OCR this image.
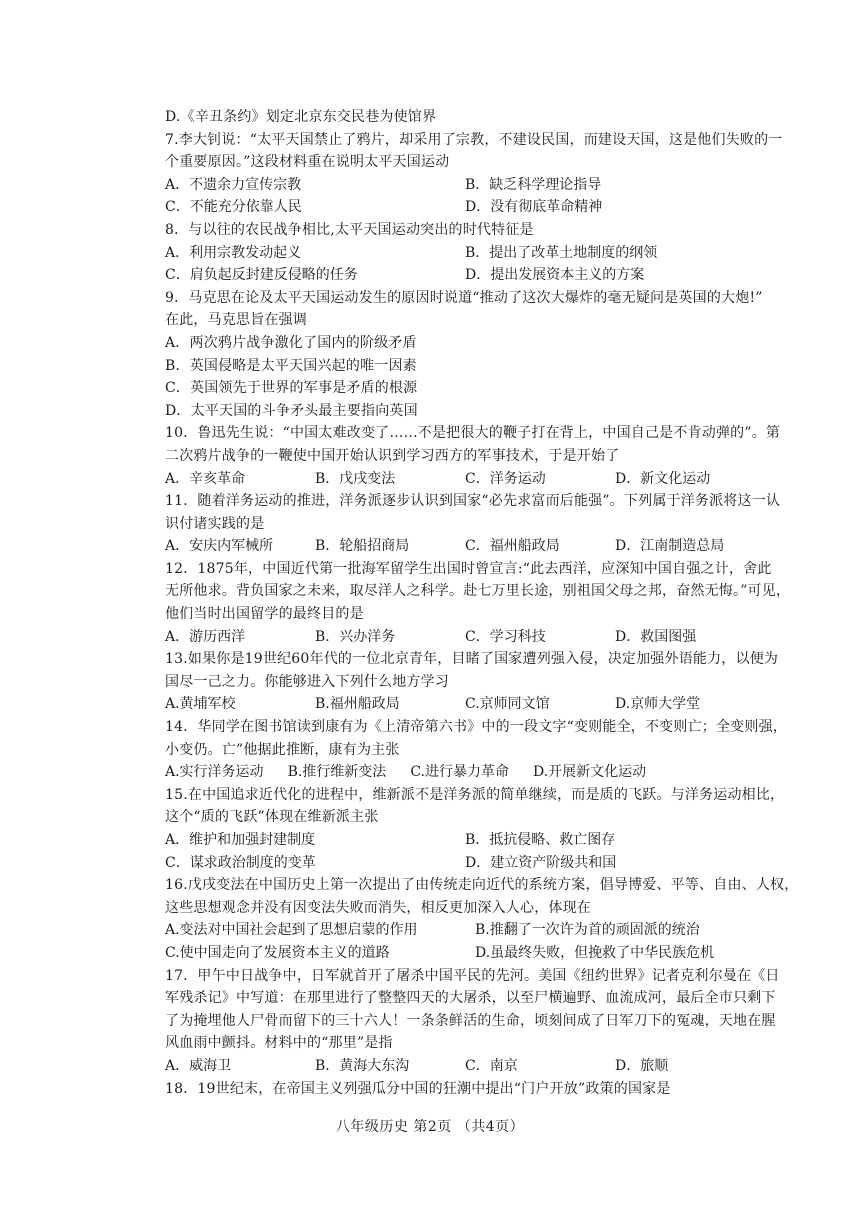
D.《辛丑条约》划定北京东交民巷为使馆界
7.李大钊说：“太平天国禁止了鸦片，却采用了宗教，不建设民国，而建设天国，这是他们失败的一
个重要原因。”这段材料重在说明太平天国运动
A．不遗余力宣传宗教	B．缺乏科学理论指导
C．不能充分依靠人民	D．没有彻底革命精神
8．与以往的农民战争相比,太平天国运动突出的时代特征是
A．利用宗教发动起义	B．提出了改革土地制度的纲领
C．肩负起反封建反侵略的任务	D．提出发展资本主义的方案
9．马克思在论及太平天国运动发生的原因时说道“推动了这次大爆炸的毫无疑问是英国的大炮!”
在此，马克思旨在强调
A．两次鸦片战争激化了国内的阶级矛盾
B．英国侵略是太平天国兴起的唯一因素
C．英国领先于世界的军事是矛盾的根源
D．太平天国的斗争矛头最主要指向英国
10．鲁迅先生说：“中国太难改变了……不是把很大的鞭子打在背上，中国自己是不肯动弹的”。第
二次鸦片战争的一鞭使中国开始认识到学习西方的军事技术，于是开始了
A．辛亥革命	B．戊戌变法	C．洋务运动	D．新文化运动
11．随着洋务运动的推进，洋务派逐步认识到国家“必先求富而后能强”。下列属于洋务派将这一认
识付诸实践的是
A．安庆内军械所	B．轮船招商局	C．福州船政局	D．江南制造总局
12．1875年，中国近代第一批海军留学生出国时曾宣言:“此去西洋，应深知中国自强之计，舍此
无所他求。背负国家之未来，取尽洋人之科学。赴七万里长途，别祖国父母之邦，奋然无悔。”可见，
他们当时出国留学的最终目的是
A．游历西洋	B．兴办洋务	C．学习科技	D．救国图强
13.如果你是19世纪60年代的一位北京青年，目睹了国家遭列强入侵，决定加强外语能力，以便为
国尽一己之力。你能够进入下列什么地方学习
A.黄埔军校	B.福州船政局	C.京师同文馆	D.京师大学堂
14．华同学在图书馆读到康有为《上清帝第六书》中的一段文字“变则能全，不变则亡；全变则强，
小变仍。亡”他据此推断，康有为主张
A.实行洋务运动 B.推行维新变法 C.进行暴力革命 D.开展新文化运动
15.在中国追求近代化的进程中，维新派不是洋务派的简单继续，而是质的飞跃。与洋务运动相比，
这个“质的飞跃”体现在维新派主张
A．维护和加强封建制度	B．抵抗侵略、救亡图存
C．谋求政治制度的变革	D．建立资产阶级共和国
16.戊戌变法在中国历史上第一次提出了由传统走向近代的系统方案，倡导博爱、平等、自由、人权，
这些思想观念并没有因变法失败而消失，相反更加深入人心，体现在
A.变法对中国社会起到了思想启蒙的作用	B.推翻了一次许为首的顽固派的统治
C.使中国走向了发展资本主义的道路	D.虽最终失败，但挽救了中华民族危机
17．甲午中日战争中，日军就首开了屠杀中国平民的先河。美国《纽约世界》记者克利尔曼在《日
军残杀记》中写道：在那里进行了整整四天的大屠杀，以至尸横遍野、血流成河，最后全市只剩下
了为掩埋他人尸骨而留下的三十六人！一条条鲜活的生命，顷刻间成了日军刀下的冤魂，天地在腥
风血雨中颤抖。材料中的“那里”是指
A．威海卫	B．黄海大东沟	C．南京	D．旅顺
18．19世纪末，在帝国主义列强瓜分中国的狂潮中提出“门户开放”政策的国家是
八年级历史 第2页 （共4页）
